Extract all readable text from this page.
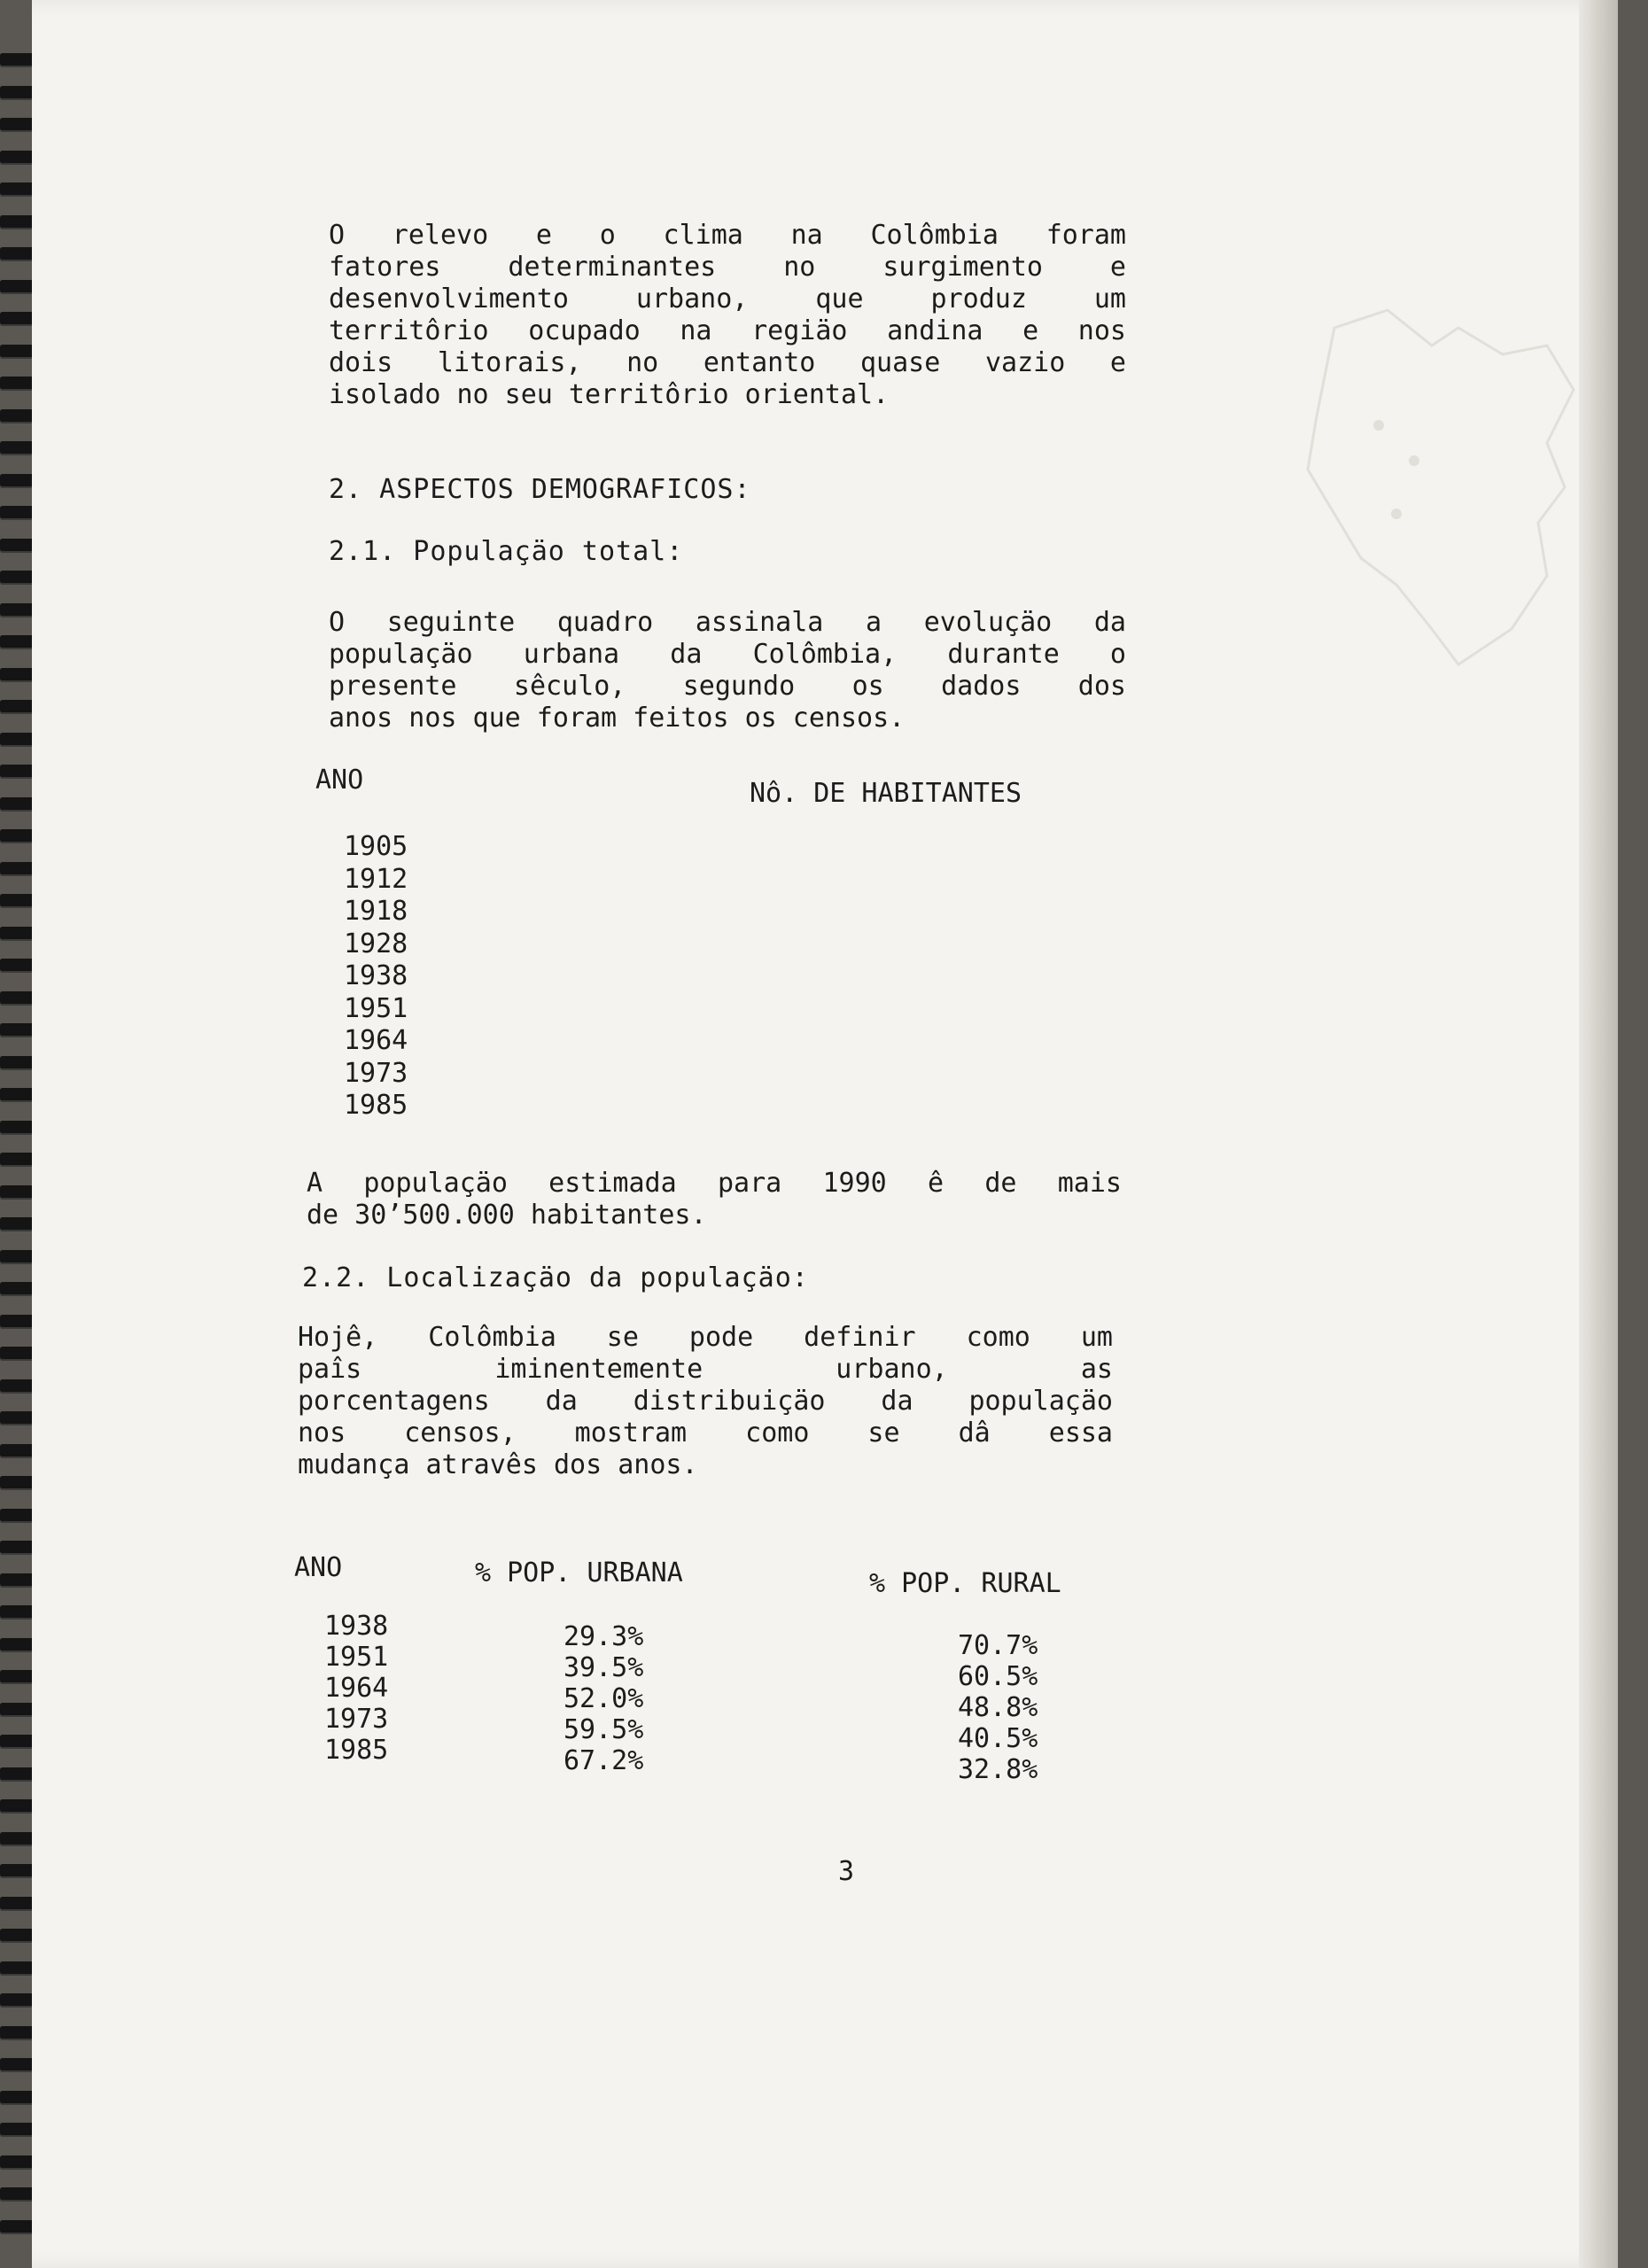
O relevo e o clima na Colômbia foram
fatores determinantes no surgimento e
desenvolvimento urbano, que produz um
territôrio ocupado na regiäo andina e nos
dois litorais, no entanto quase vazio e
isolado no seu territôrio oriental.
2. ASPECTOS DEMOGRAFICOS:
2.1. Populaçäo total:
O seguinte quadro assinala a evoluçäo da
populaçäo urbana da Colômbia, durante o
presente sêculo, segundo os dados dos
anos nos que foram feitos os censos.
ANO	Nô. DE HABITANTES
1905
1912
1918
1928
1938
1951
1964
1973
1985
A populaçäo estimada para 1990 ê de mais
de 30’500.000 habitantes.
2.2. Localizaçäo da populaçäo:
Hojê, Colômbia se pode definir como um
paîs iminentemente urbano, as
porcentagens da distribuiçäo da populaçäo
nos censos, mostram como se dâ essa
mudança atravês dos anos.
ANO	% POP. URBANA	% POP. RURAL
1938	29.3%	70.7%
1951	39.5%	60.5%
1964	52.0%	48.8%
1973	59.5%	40.5%
1985	67.2%	32.8%
3
